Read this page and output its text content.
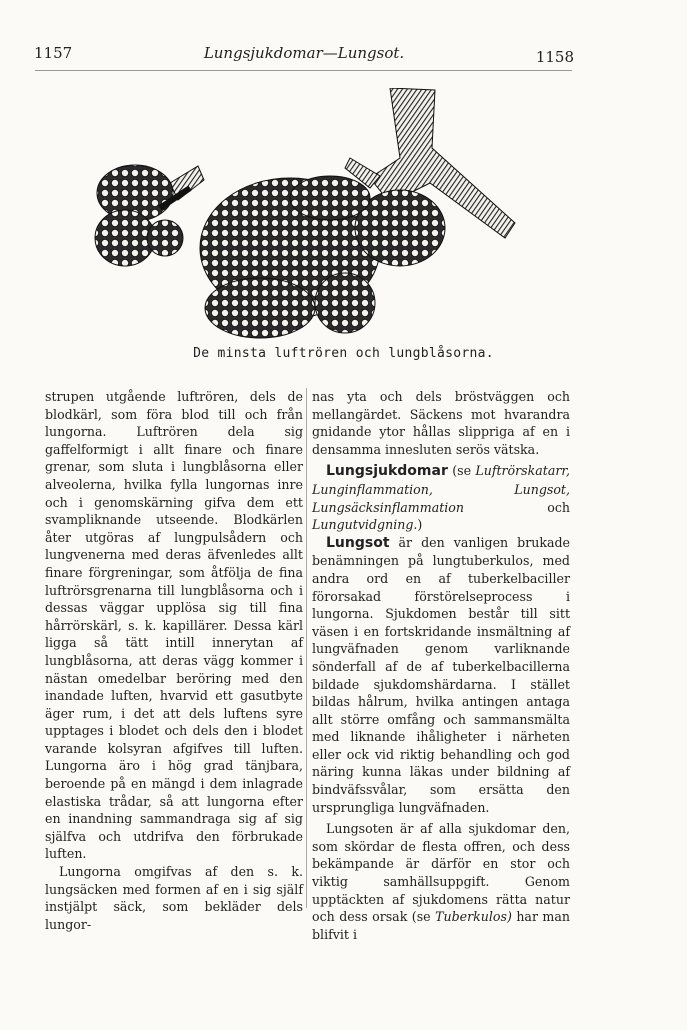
1157	Lungsjukdomar—Lungsot.	1158
De minsta luftrören och lungblåsorna.

strupen utgående luftrören, dels de blodkärl, som föra blod till och från lungorna. Luftrören dela sig gaffelformigt i allt finare och finare grenar, som sluta i lungblåsorna eller alveolerna, hvilka fylla lungornas inre och i genomskärning gifva dem ett svampliknande utseende. Blodkärlen åter utgöras af lungpulsådern och lungvenerna med deras äfvenledes allt finare förgreningar, som åtfölja de fina luftrörsgrenarna till lungblåsorna och i dessas väggar upplösa sig till fina hårrörskärl, s. k. kapillärer. Dessa kärl ligga så tätt intill innerytan af lungblåsorna, att deras vägg kommer i nästan omedelbar beröring med den inandade luften, hvarvid ett gasutbyte äger rum, i det att dels luftens syre upptages i blodet och dels den i blodet varande kolsyran afgifves till luften. Lungorna äro i hög grad tänjbara, beroende på en mängd i dem inlagrade elastiska trådar, så att lungorna efter en inandning sammandraga sig af sig själfva och utdrifva den förbrukade luften.

Lungorna omgifvas af den s. k. lungsäcken med formen af en i sig själf instjälpt säck, som bekläder dels lungor-

nas yta och dels bröstväggen och mellangärdet. Säckens mot hvarandra gnidande ytor hållas slippriga af en i densamma innesluten serös vätska.

Lungsjukdomar (se Luftrörskatarr, Lunginflammation, Lungsot, Lungsäcksinflammation och Lungutvidgning.)

Lungsot är den vanligen brukade benämningen på lungtuberkulos, med andra ord en af tuberkelbaciller förorsakad förstörelseprocess i lungorna. Sjukdomen består till sitt väsen i en fortskridande insmältning af lungväfnaden genom varliknande sönderfall af de af tuberkelbacillerna bildade sjukdomshärdarna. I stället bildas hålrum, hvilka antingen antaga allt större omfång och sammansmälta med liknande ihåligheter i närheten eller ock vid riktig behandling och god näring kunna läkas under bildning af bindväfssvålar, som ersätta den ursprungliga lungväfnaden.

Lungsoten är af alla sjukdomar den, som skördar de flesta offren, och dess bekämpande är därför en stor och viktig samhällsuppgift. Genom upptäckten af sjukdomens rätta natur och dess orsak (se Tuberkulos) har man blifvit i
